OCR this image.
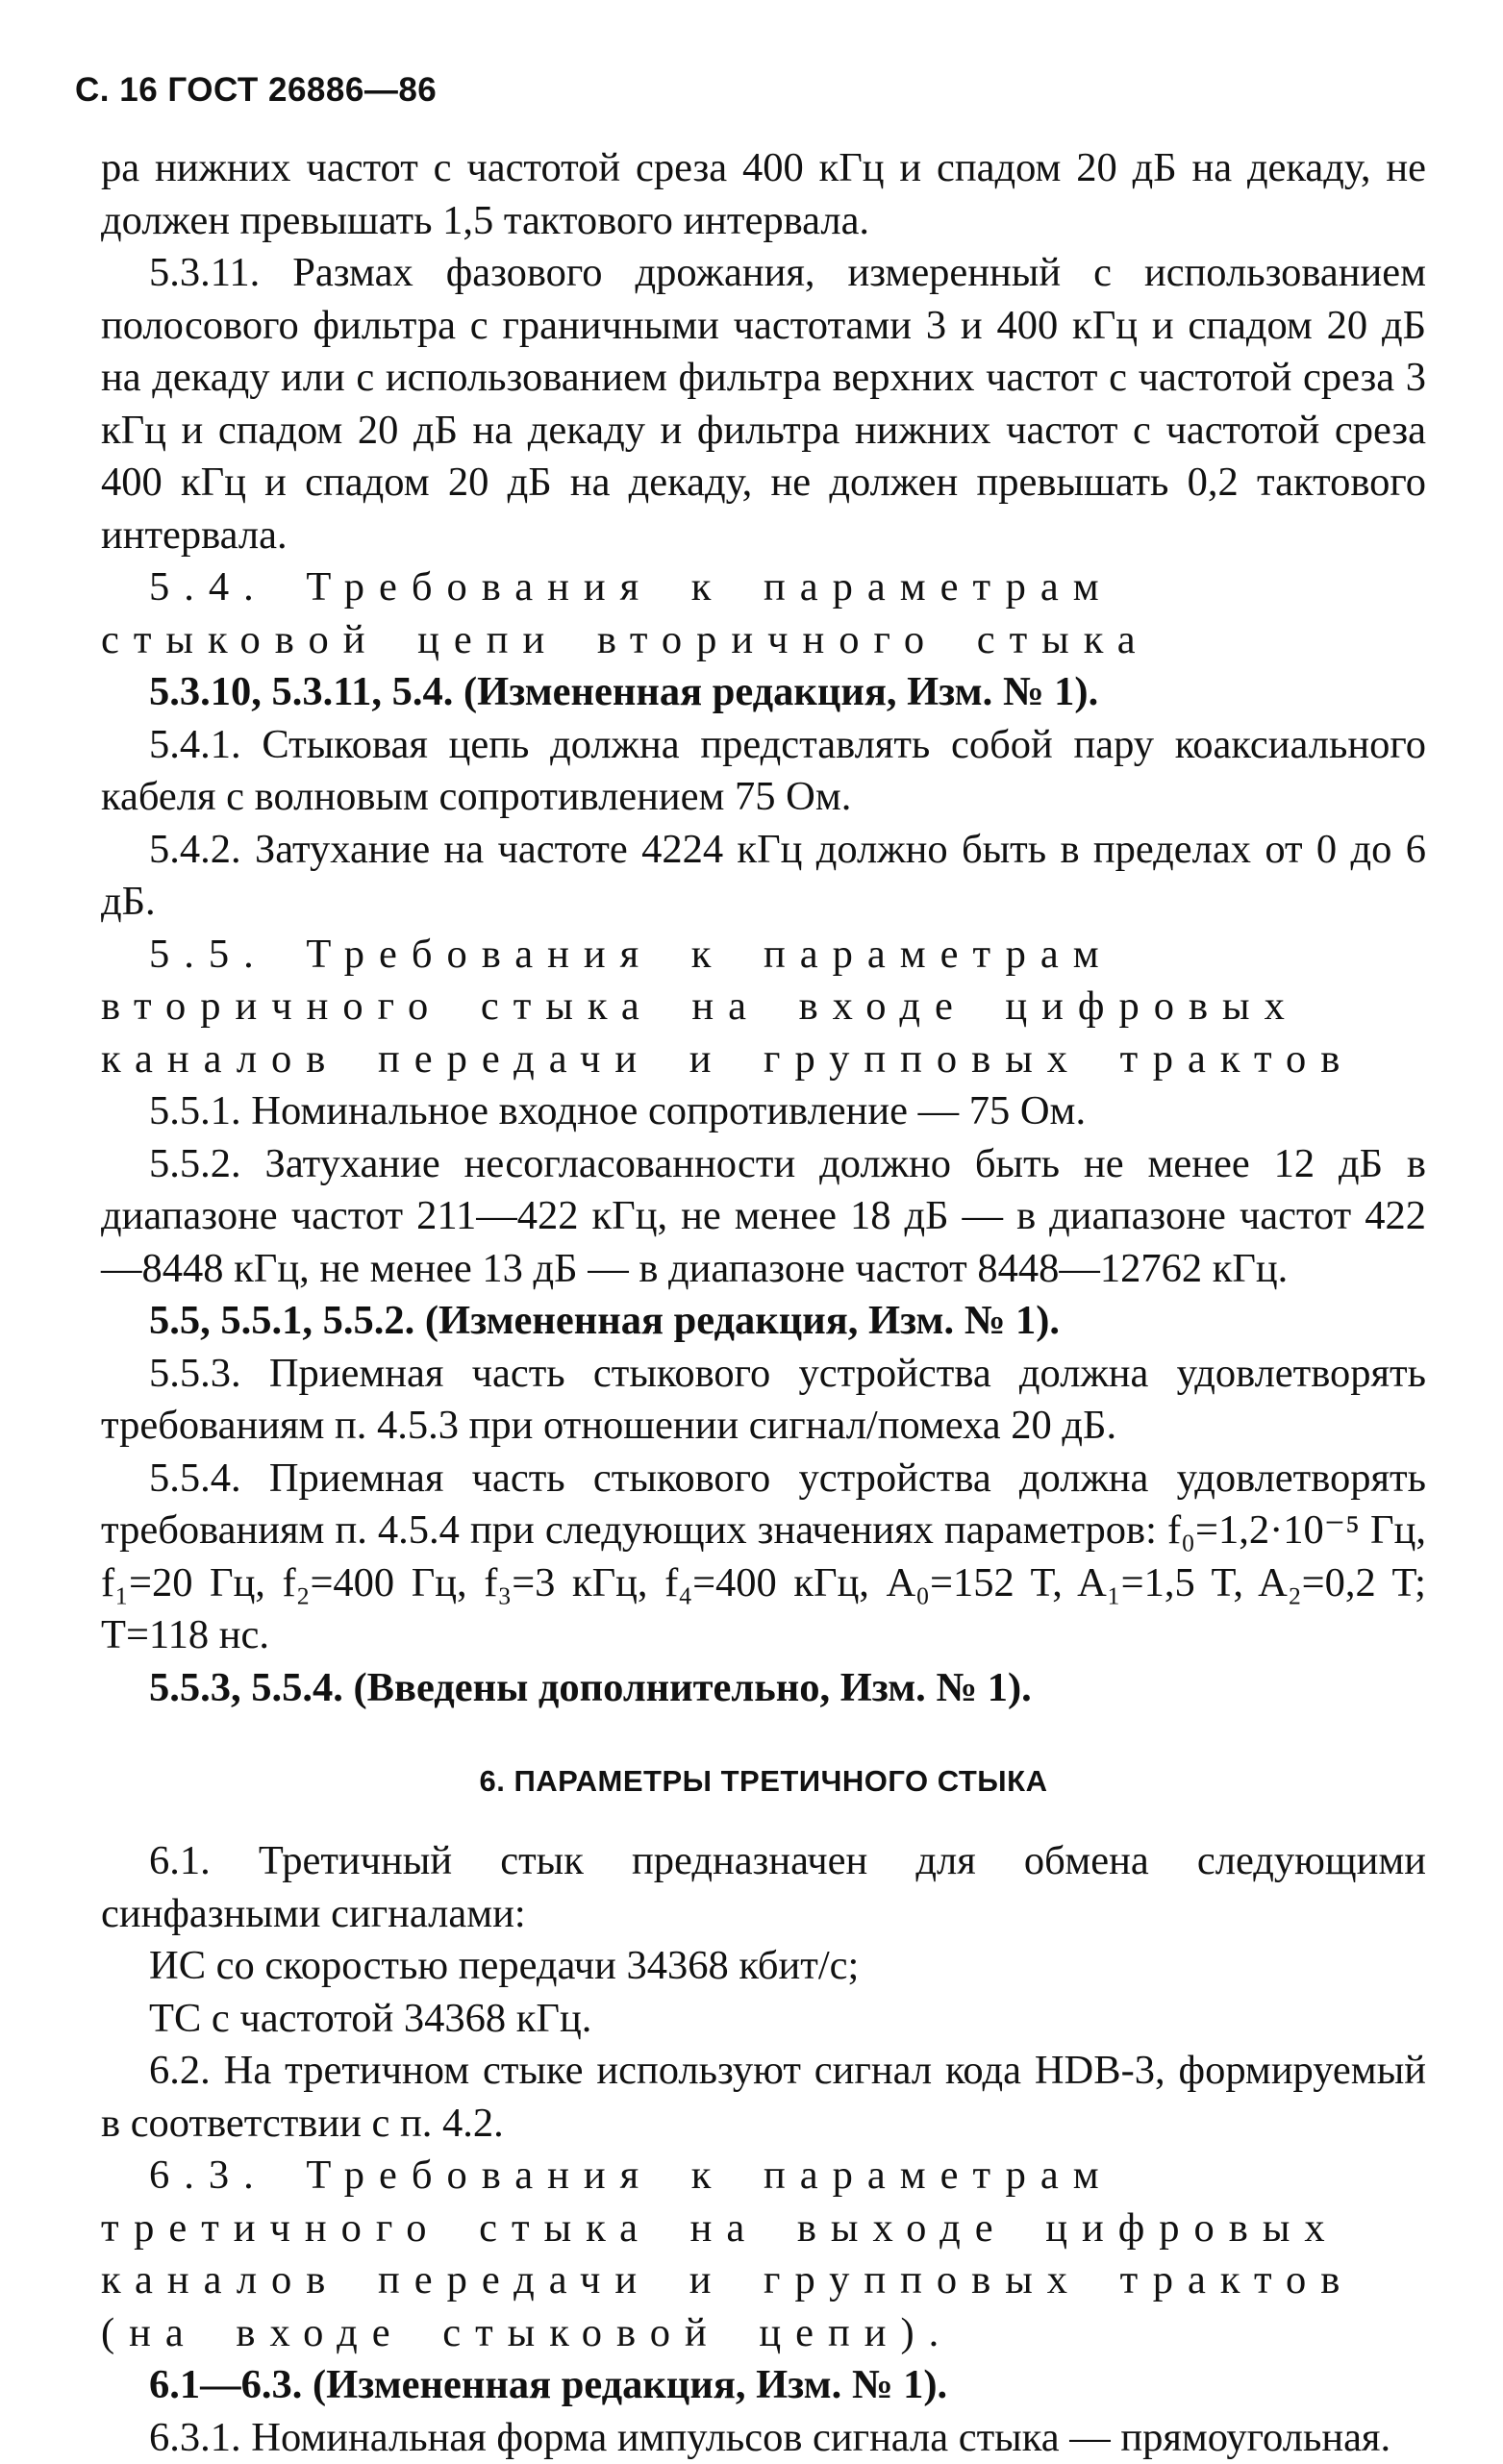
С. 16 ГОСТ 26886—86

ра нижних частот с частотой среза 400 кГц и спадом 20 дБ на декаду, не должен превышать 1,5 тактового интервала.

5.3.11. Размах фазового дрожания, измеренный с использованием полосового фильтра с граничными частотами 3 и 400 кГц и спадом 20 дБ на декаду или с использованием фильтра верхних частот с частотой среза 3 кГц и спадом 20 дБ на декаду и фильтра нижних частот с частотой среза 400 кГц и спадом 20 дБ на декаду, не должен превышать 0,2 тактового интервала.

5.4. Требования к параметрам стыковой цепи вторичного стыка

5.3.10, 5.3.11, 5.4. (Измененная редакция, Изм. № 1).

5.4.1. Стыковая цепь должна представлять собой пару коаксиального кабеля с волновым сопротивлением 75 Ом.

5.4.2. Затухание на частоте 4224 кГц должно быть в пределах от 0 до 6 дБ.

5.5. Требования к параметрам вторичного стыка на входе цифровых каналов передачи и групповых трактов

5.5.1. Номинальное входное сопротивление — 75 Ом.

5.5.2. Затухание несогласованности должно быть не менее 12 дБ в диапазоне частот 211—422 кГц, не менее 18 дБ — в диапазоне частот 422—8448 кГц, не менее 13 дБ — в диапазоне частот 8448—12762 кГц.

5.5, 5.5.1, 5.5.2. (Измененная редакция, Изм. № 1).

5.5.3. Приемная часть стыкового устройства должна удовлетворять требованиям п. 4.5.3 при отношении сигнал/помеха 20 дБ.

5.5.4. Приемная часть стыкового устройства должна удовлетворять требованиям п. 4.5.4 при следующих значениях параметров: f₀=1,2·10⁻⁵ Гц, f₁=20 Гц, f₂=400 Гц, f₃=3 кГц, f₄=400 кГц, A₀=152 T, A₁=1,5 T, A₂=0,2 T; T=118 нс.

5.5.3, 5.5.4. (Введены дополнительно, Изм. № 1).

6. ПАРАМЕТРЫ ТРЕТИЧНОГО СТЫКА

6.1. Третичный стык предназначен для обмена следующими синфазными сигналами:

ИС со скоростью передачи 34368 кбит/с;

ТС с частотой 34368 кГц.

6.2. На третичном стыке используют сигнал кода HDB-3, формируемый в соответствии с п. 4.2.

6.3. Требования к параметрам третичного стыка на выходе цифровых каналов передачи и групповых трактов (на входе стыковой цепи).

6.1—6.3. (Измененная редакция, Изм. № 1).

6.3.1. Номинальная форма импульсов сигнала стыка — прямоугольная.
